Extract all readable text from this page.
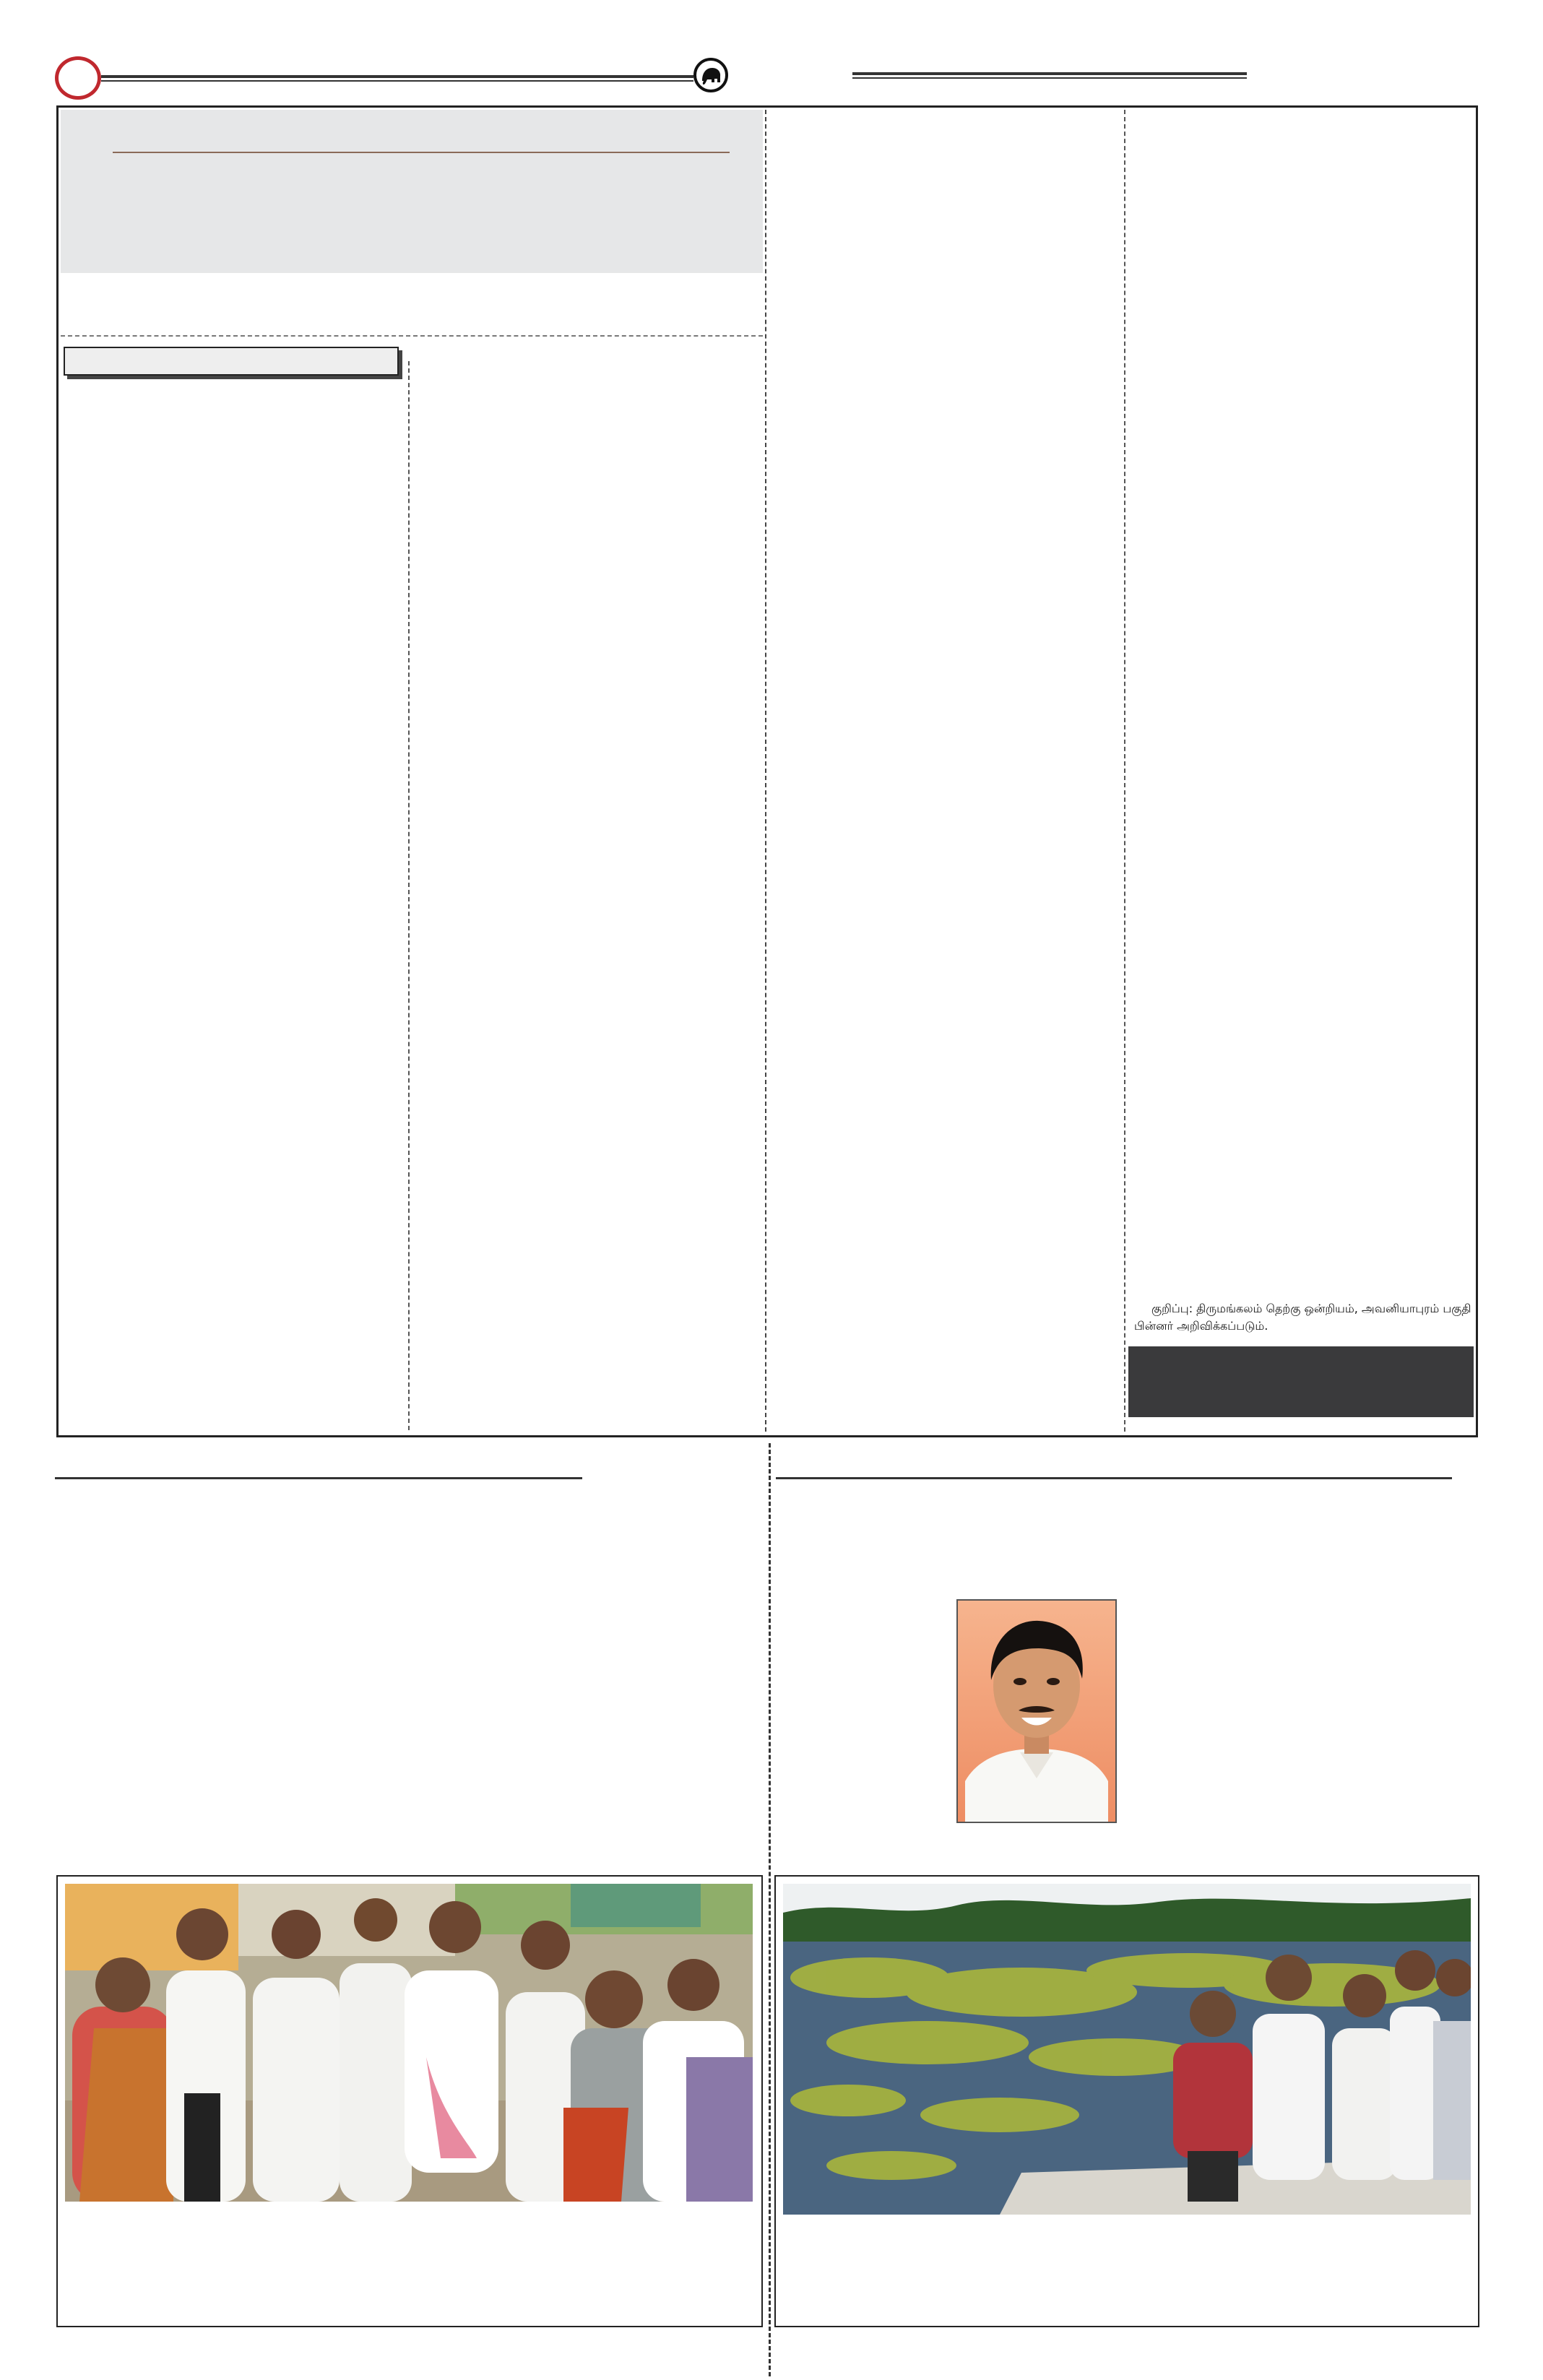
குறிப்பு: திருமங்கலம் தெற்கு ஒன்றியம், அவனியாபுரம் பகுதி
பின்னர் அறிவிக்கப்படும்.
